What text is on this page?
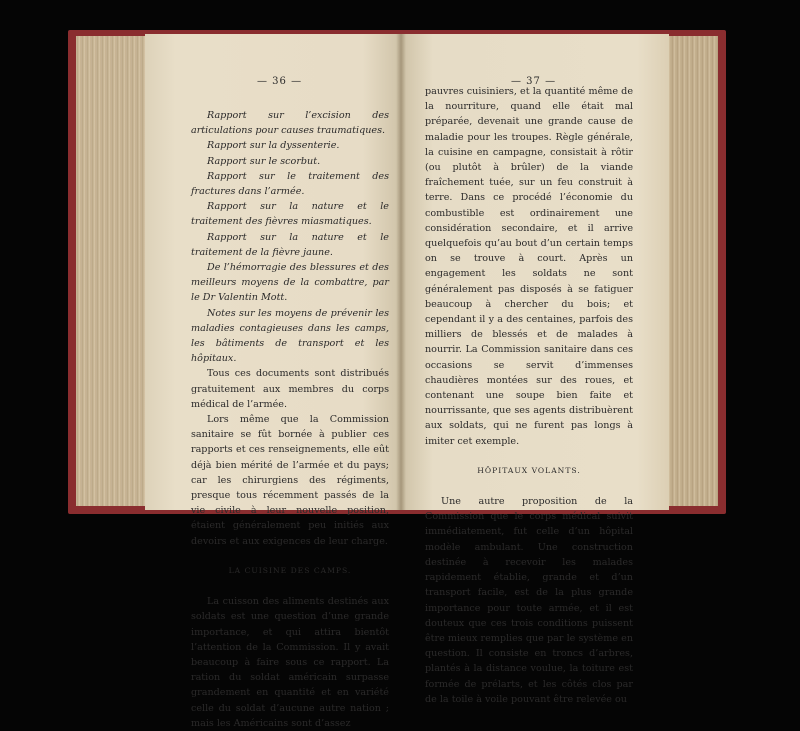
— 36 —

Rapport sur l’excision des articulations pour causes traumatiques.

Rapport sur la dyssenterie.

Rapport sur le scorbut.

Rapport sur le traitement des fractures dans l’armée.

Rapport sur la nature et le traitement des fièvres miasmatiques.

Rapport sur la nature et le traitement de la fièvre jaune.

De l’hémorragie des blessures et des meilleurs moyens de la combattre, par le Dr Valentin Mott.

Notes sur les moyens de prévenir les maladies contagieuses dans les camps, les bâtiments de transport et les hôpitaux.

Tous ces documents sont distribués gratuitement aux membres du corps médical de l’armée.

Lors même que la Commission sanitaire se fût bornée à publier ces rapports et ces renseignements, elle eût déjà bien mérité de l’armée et du pays; car les chirurgiens des régiments, presque tous récemment passés de la vie civile à leur nouvelle position, étaient généralement peu initiés aux devoirs et aux exigences de leur charge.

LA CUISINE DES CAMPS.

La cuisson des aliments destinés aux soldats est une question d’une grande importance, et qui attira bientôt l’attention de la Commission. Il y avait beaucoup à faire sous ce rapport. La ration du soldat américain surpasse grandement en quantité et en variété celle du soldat d’aucune autre nation ; mais les Américains sont d’assez

— 37 —

pauvres cuisiniers, et la quantité même de la nourriture, quand elle était mal préparée, devenait une grande cause de maladie pour les troupes. Règle générale, la cuisine en campagne, consistait à rôtir (ou plutôt à brûler) de la viande fraîchement tuée, sur un feu construit à terre. Dans ce procédé l’économie du combustible est ordinairement une considération secondaire, et il arrive quelquefois qu’au bout d’un certain temps on se trouve à court. Après un engagement les soldats ne sont généralement pas disposés à se fatiguer beaucoup à chercher du bois; et cependant il y a des centaines, parfois des milliers de blessés et de malades à nourrir. La Commission sanitaire dans ces occasions se servit d’immenses chaudières montées sur des roues, et contenant une soupe bien faite et nourrissante, que ses agents distribuèrent aux soldats, qui ne furent pas longs à imiter cet exemple.

HÔPITAUX VOLANTS.

Une autre proposition de la Commission que le corps médical suivit immédiatement, fut celle d’un hôpital modèle ambulant. Une construction destinée à recevoir les malades rapidement établie, grande et d’un transport facile, est de la plus grande importance pour toute armée, et il est douteux que ces trois conditions puissent être mieux remplies que par le système en question. Il consiste en troncs d’arbres, plantés à la distance voulue, la toiture est formée de prélarts, et les côtés clos par de la toile à voile pouvant être relevée ou
